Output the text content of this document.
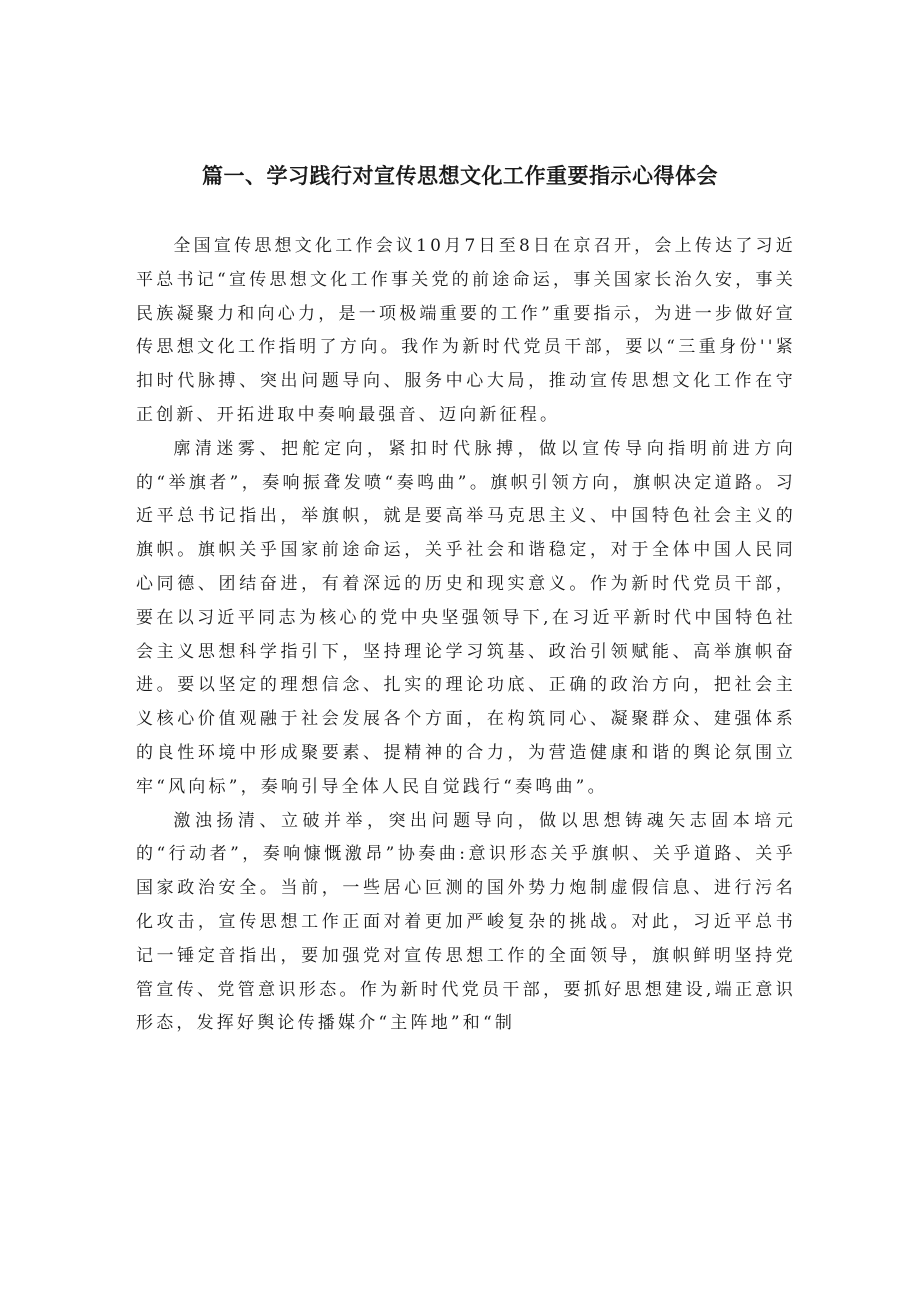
篇一、学习践行对宣传思想文化工作重要指示心得体会

全国宣传思想文化工作会议10月7日至8日在京召开，会上传达了习近平总书记“宣传思想文化工作事关党的前途命运，事关国家长治久安，事关民族凝聚力和向心力，是一项极端重要的工作”重要指示，为进一步做好宣传思想文化工作指明了方向。我作为新时代党员干部，要以“三重身份''紧扣时代脉搏、突出问题导向、服务中心大局，推动宣传思想文化工作在守正创新、开拓进取中奏响最强音、迈向新征程。

廓清迷雾、把舵定向，紧扣时代脉搏，做以宣传导向指明前进方向的“举旗者”，奏响振聋发喷“奏鸣曲”。旗帜引领方向，旗帜决定道路。习近平总书记指出，举旗帜，就是要高举马克思主义、中国特色社会主义的旗帜。旗帜关乎国家前途命运，关乎社会和谐稳定，对于全体中国人民同心同德、团结奋进，有着深远的历史和现实意义。作为新时代党员干部，要在以习近平同志为核心的党中央坚强领导下,在习近平新时代中国特色社会主义思想科学指引下，坚持理论学习筑基、政治引领赋能、高举旗帜奋进。要以坚定的理想信念、扎实的理论功底、正确的政治方向，把社会主义核心价值观融于社会发展各个方面，在构筑同心、凝聚群众、建强体系的良性环境中形成聚要素、提精神的合力，为营造健康和谐的舆论氛围立牢“风向标”，奏响引导全体人民自觉践行“奏鸣曲”。

激浊扬清、立破并举，突出问题导向，做以思想铸魂矢志固本培元的“行动者”，奏响慷慨激昂”协奏曲:意识形态关乎旗帜、关乎道路、关乎国家政治安全。当前，一些居心叵测的国外势力炮制虚假信息、进行污名化攻击，宣传思想工作正面对着更加严峻复杂的挑战。对此，习近平总书记一锤定音指出，要加强党对宣传思想工作的全面领导，旗帜鲜明坚持党管宣传、党管意识形态。作为新时代党员干部，要抓好思想建设,端正意识形态，发挥好舆论传播媒介“主阵地”和“制
